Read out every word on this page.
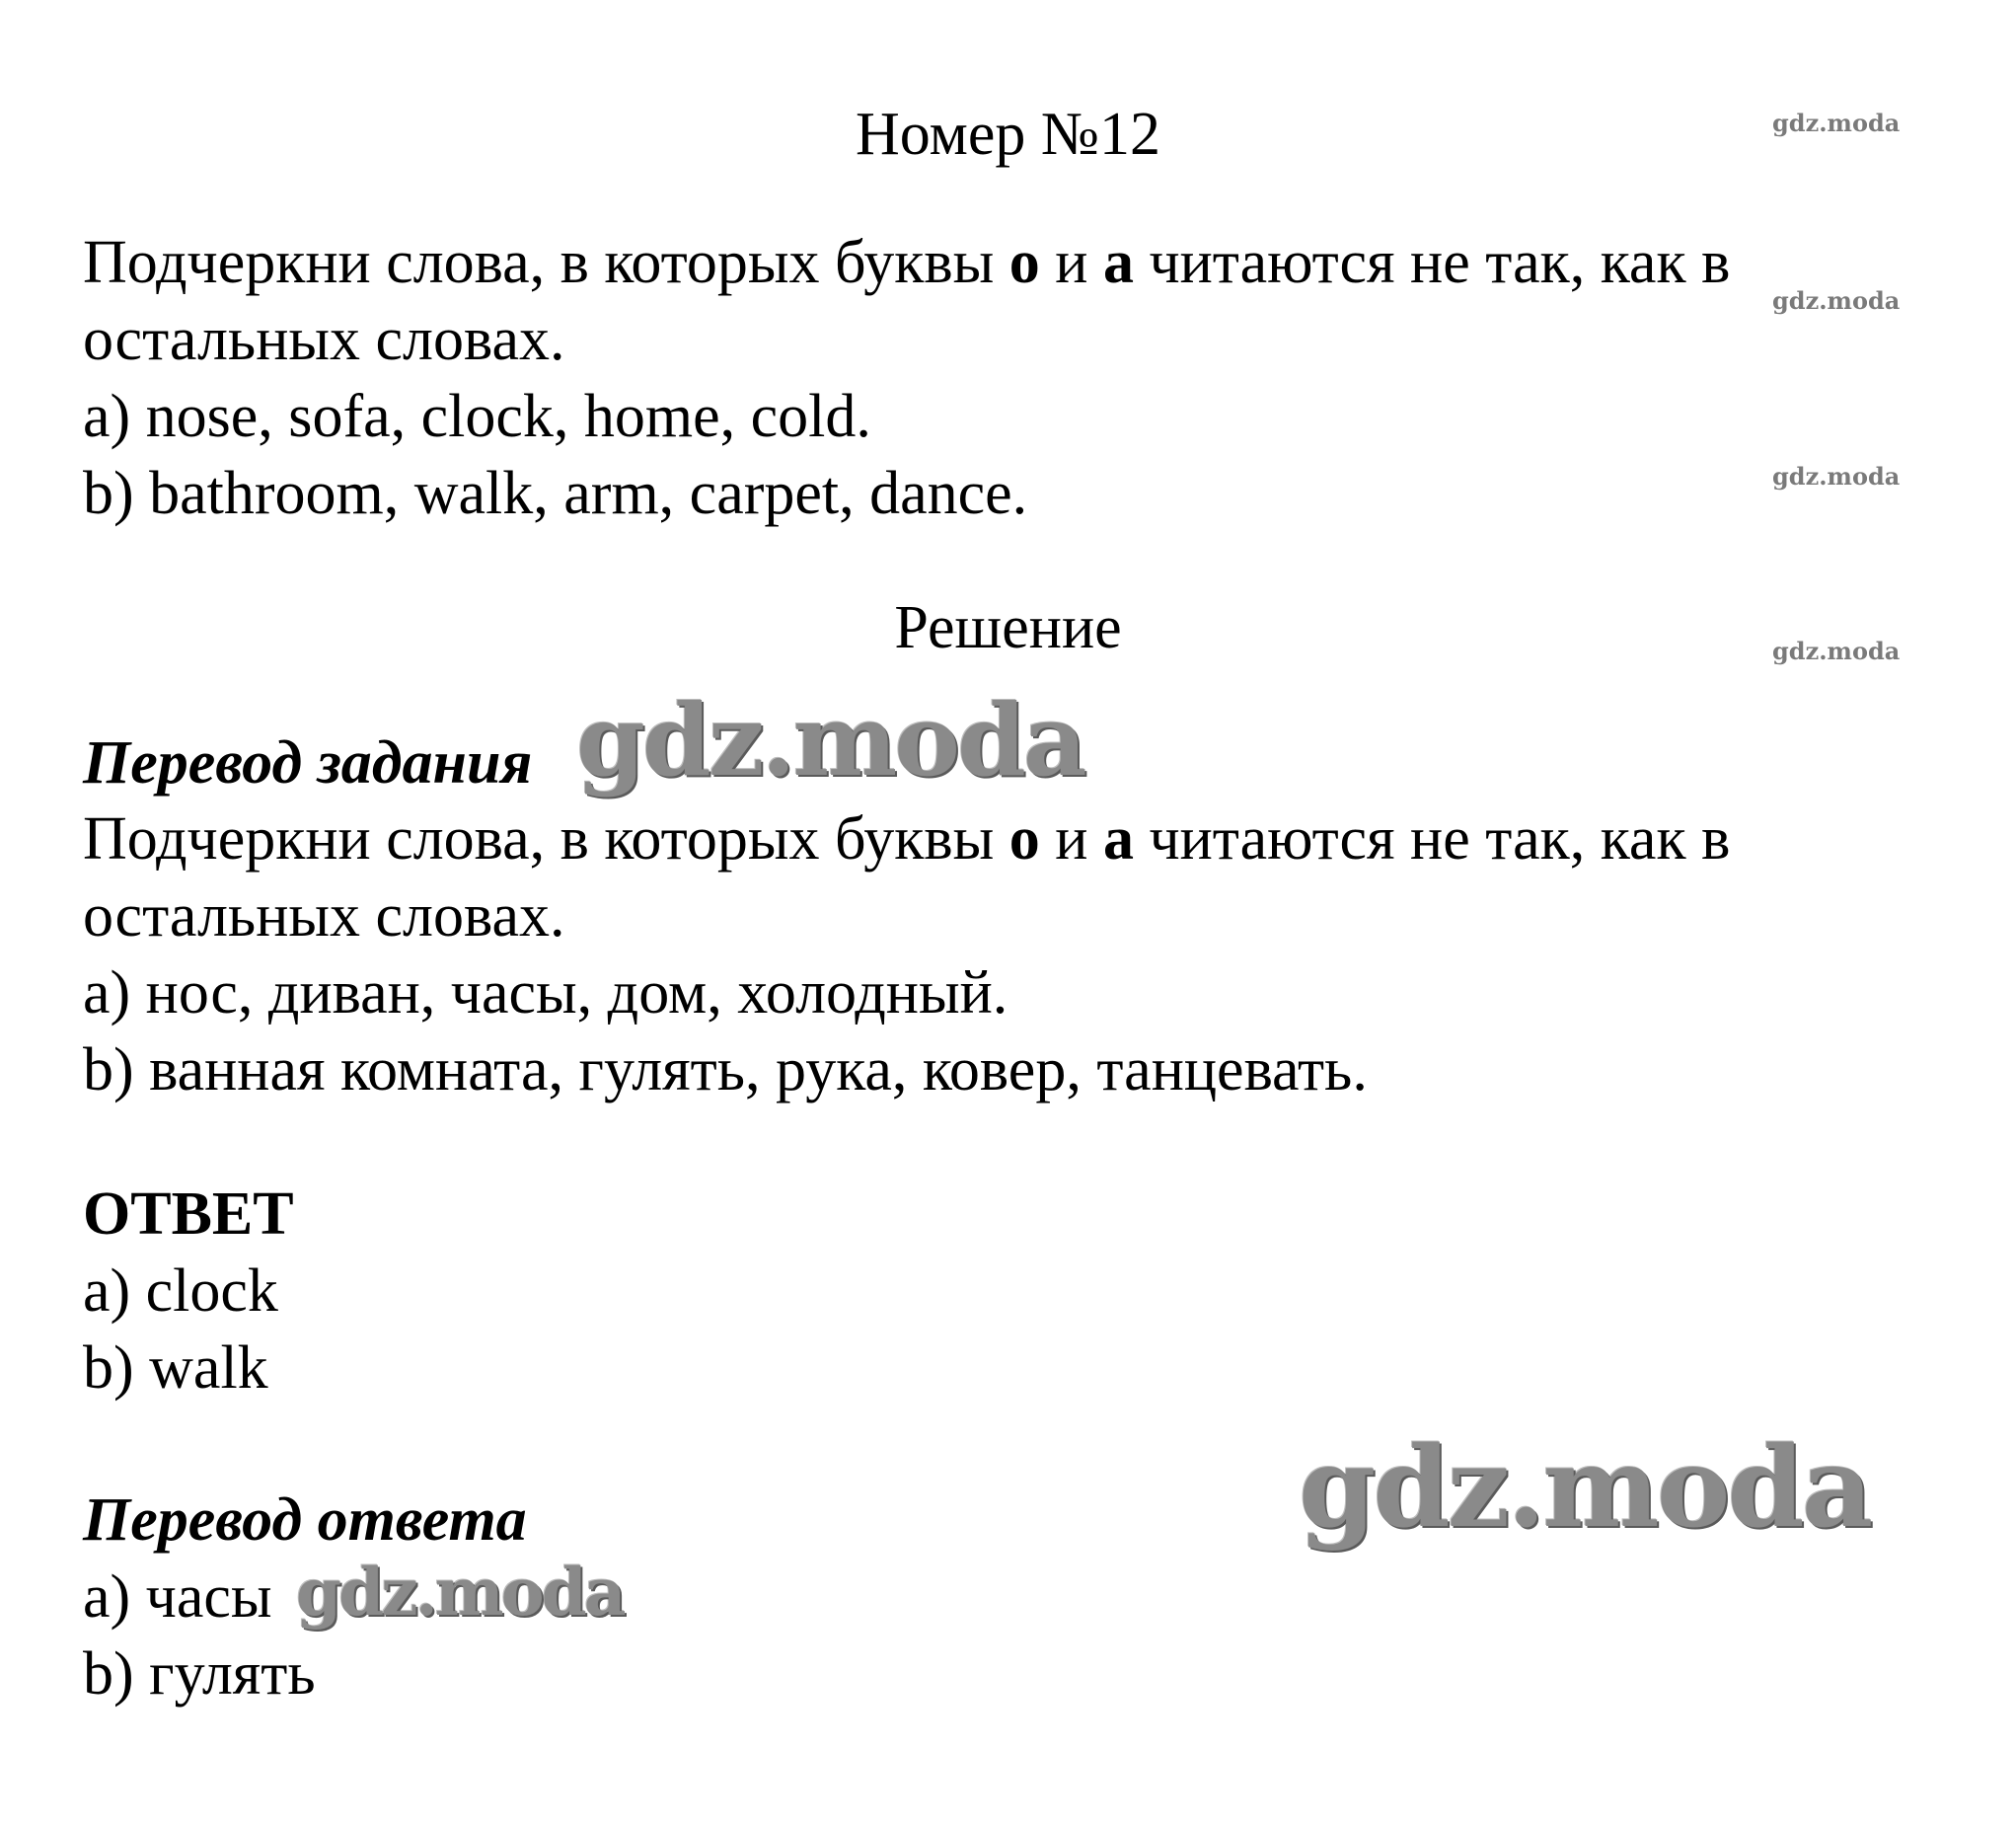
Номер №12
Подчеркни слова, в которых буквы о и а читаются не так, как в
остальных словах.
a) nose, sofa, clock, home, cold.
b) bathroom, walk, arm, carpet, dance.
Решение
Перевод задания
Подчеркни слова, в которых буквы о и а читаются не так, как в
остальных словах.
a) нос, диван, часы, дом, холодный.
b) ванная комната, гулять, рука, ковер, танцевать.
ОТВЕТ
a) clock
b) walk
Перевод ответа
a) часы
b) гулять
gdz.moda
gdz.moda
gdz.moda
gdz.moda
gdz.moda
gdz.moda
gdz.moda
